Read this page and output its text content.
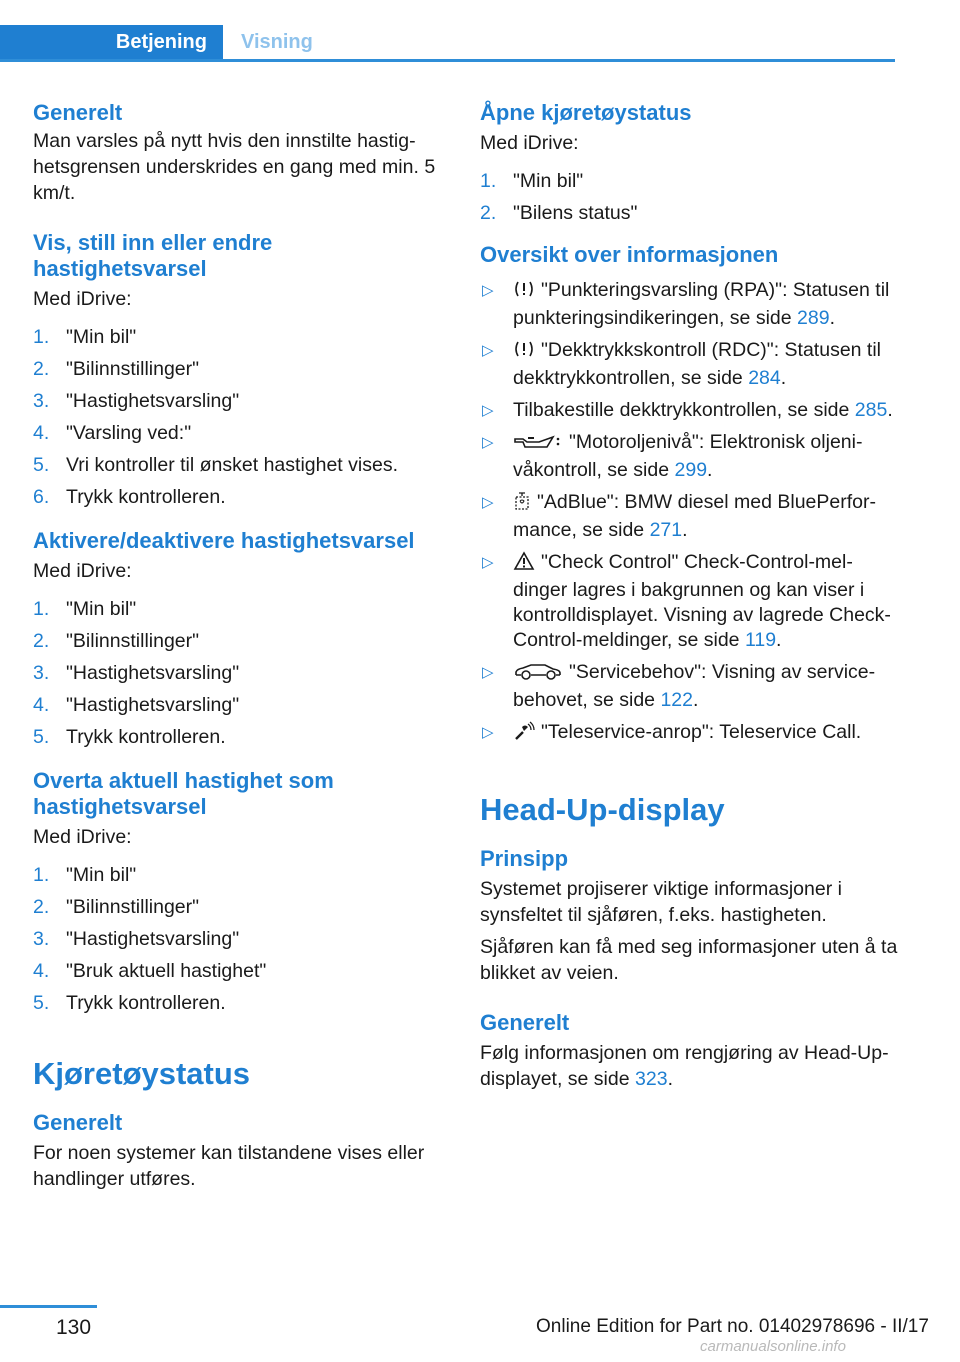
Betjening	Visning
Generelt

Man varsles på nytt hvis den innstilte hastighetsgrensen underskrides en gang med min. 5 km/t.

Vis, still inn eller endre hastighetsvarsel

Med iDrive:

1. "Min bil"
2. "Bilinnstillinger"
3. "Hastighetsvarsling"
4. "Varsling ved:"
5. Vri kontroller til ønsket hastighet vises.
6. Trykk kontrolleren.
Aktivere/deaktivere hastighetsvarsel

Med iDrive:

1. "Min bil"
2. "Bilinnstillinger"
3. "Hastighetsvarsling"
4. "Hastighetsvarsling"
5. Trykk kontrolleren.
Overta aktuell hastighet som hastighetsvarsel

Med iDrive:

1. "Min bil"
2. "Bilinnstillinger"
3. "Hastighetsvarsling"
4. "Bruk aktuell hastighet"
5. Trykk kontrolleren.
Kjøretøystatus
Generelt

For noen systemer kan tilstandene vises eller handlinger utføres.

Åpne kjøretøystatus

Med iDrive:

1. "Min bil"
2. "Bilens status"
Oversikt over informasjonen
▷ "Punkteringsvarsling (RPA)": Statusen til punkteringsindikeringen, se side 289.
▷ "Dekktrykkskontroll (RDC)": Statusen til dekktrykkontrollen, se side 284.
▷ Tilbakestille dekktrykkontrollen, se side 285.
▷	"Motoroljenivå": Elektronisk oljenivåkontroll, se side 299.
▷ "AdBlue": BMW diesel med BluePerformance, se side 271.
▷ "Check Control" Check-Control-meldinger lagres i bakgrunnen og kan viser i kontrolldisplayet. Visning av lagrede Check-Control-meldinger, se side 119.
▷	"Servicebehov": Visning av servicebehovet, se side 122.
▷ "Teleservice-anrop": Teleservice Call.
Head-Up-display
Prinsipp

Systemet projiserer viktige informasjoner i synsfeltet til sjåføren, f.eks. hastigheten.

Sjåføren kan få med seg informasjoner uten å ta blikket av veien.

Generelt

Følg informasjonen om rengjøring av Head-Up-displayet, se side 323.

130	Online Edition for Part no. 01402978696 - II/17
carmanualsonline.info
